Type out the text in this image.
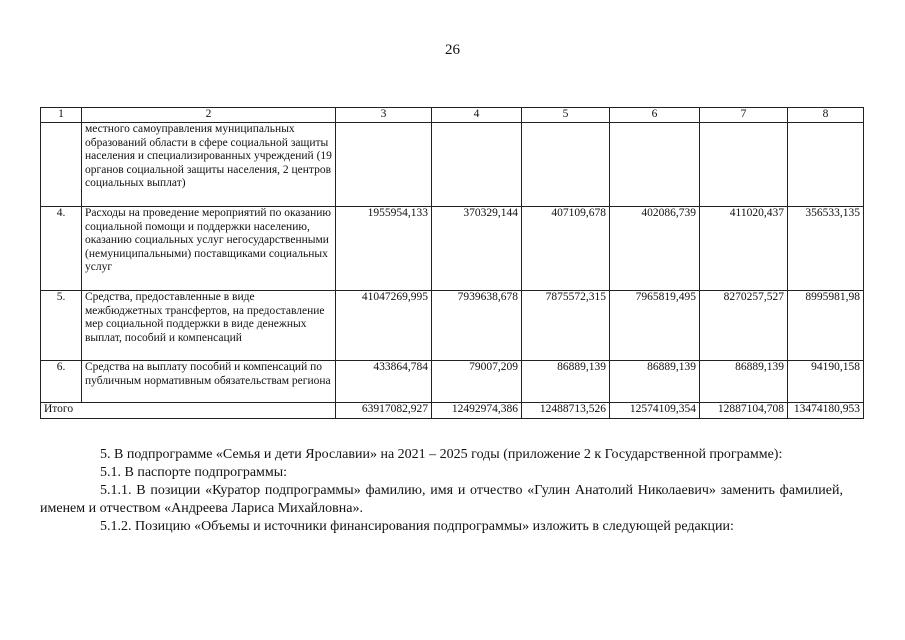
26
1	2	3	4	5	6	7	8
	местного самоуправления муниципальных образований области в сфере социальной защиты населения и специализированных учреждений (19 органов социальной защиты населения, 2 центров социальных выплат)						
4.	Расходы на проведение мероприятий по оказанию социальной помощи и поддержки населению, оказанию социальных услуг негосударственными (немуниципальными) поставщиками социальных услуг	1955954,133	370329,144	407109,678	402086,739	411020,437	356533,135
5.	Средства, предоставленные в виде межбюджетных трансфертов, на предоставление мер социальной поддержки в виде денежных выплат, пособий и компенсаций	41047269,995	7939638,678	7875572,315	7965819,495	8270257,527	8995981,98
6.	Средства на выплату пособий и компенсаций по публичным нормативным обязательствам региона	433864,784	79007,209	86889,139	86889,139	86889,139	94190,158
Итого		63917082,927	12492974,386	12488713,526	12574109,354	12887104,708	13474180,953

5. В подпрограмме «Семья и дети Ярославии» на 2021 – 2025 годы (приложение 2 к Государственной программе):

5.1. В паспорте подпрограммы:

5.1.1. В позиции «Куратор подпрограммы» фамилию, имя и отчество «Гулин Анатолий Николаевич» заменить фамилией, именем и отчеством «Андреева Лариса Михайловна».

5.1.2. Позицию «Объемы и источники финансирования подпрограммы» изложить в следующей редакции:
